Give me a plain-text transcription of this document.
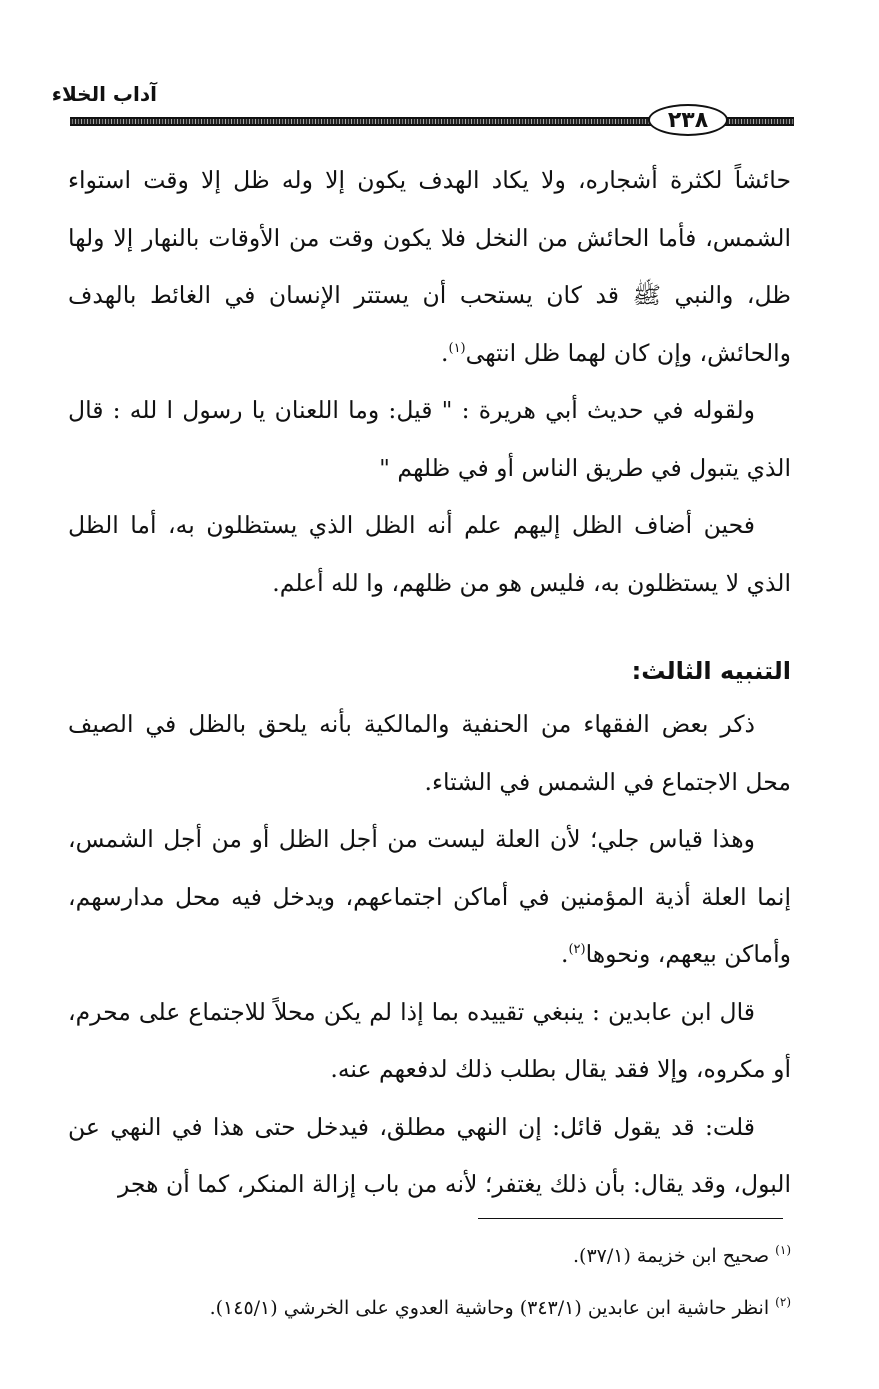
آداب الخلاء
٢٣٨

حائشاً لكثرة أشجاره، ولا يكاد الهدف يكون إلا وله ظل إلا وقت استواء الشمس، فأما الحائش من النخل فلا يكون وقت من الأوقات بالنهار إلا ولها ظل، والنبي ﷺ قد كان يستحب أن يستتر الإنسان في الغائط بالهدف والحائش، وإن كان لهما ظل انتهى$^{(١)}$.

ولقوله في حديث أبي هريرة : " قيل: وما اللعنان يا رسول ا لله : قال الذي يتبول في طريق الناس أو في ظلهم "

فحين أضاف الظل إليهم علم أنه الظل الذي يستظلون به، أما الظل الذي لا يستظلون به، فليس هو من ظلهم، وا لله أعلم.

التنبيه الثالث:

ذكر بعض الفقهاء من الحنفية والمالكية بأنه يلحق بالظل في الصيف محل الاجتماع في الشمس في الشتاء.

وهذا قياس جلي؛ لأن العلة ليست من أجل الظل أو من أجل الشمس، إنما العلة أذية المؤمنين في أماكن اجتماعهم، ويدخل فيه محل مدارسهم، وأماكن بيعهم، ونحوها$^{(٢)}$.

قال ابن عابدين : ينبغي تقييده بما إذا لم يكن محلاً للاجتماع على محرم، أو مكروه، وإلا فقد يقال بطلب ذلك لدفعهم عنه.

قلت: قد يقول قائل: إن النهي مطلق، فيدخل حتى هذا في النهي عن البول، وقد يقال: بأن ذلك يغتفر؛ لأنه من باب إزالة المنكر، كما أن هجر

$^{(١)}$ صحيح ابن خزيمة (٣٧/١).

$^{(٢)}$ انظر حاشية ابن عابدين (٣٤٣/١) وحاشية العدوي على الخرشي (١٤٥/١).
